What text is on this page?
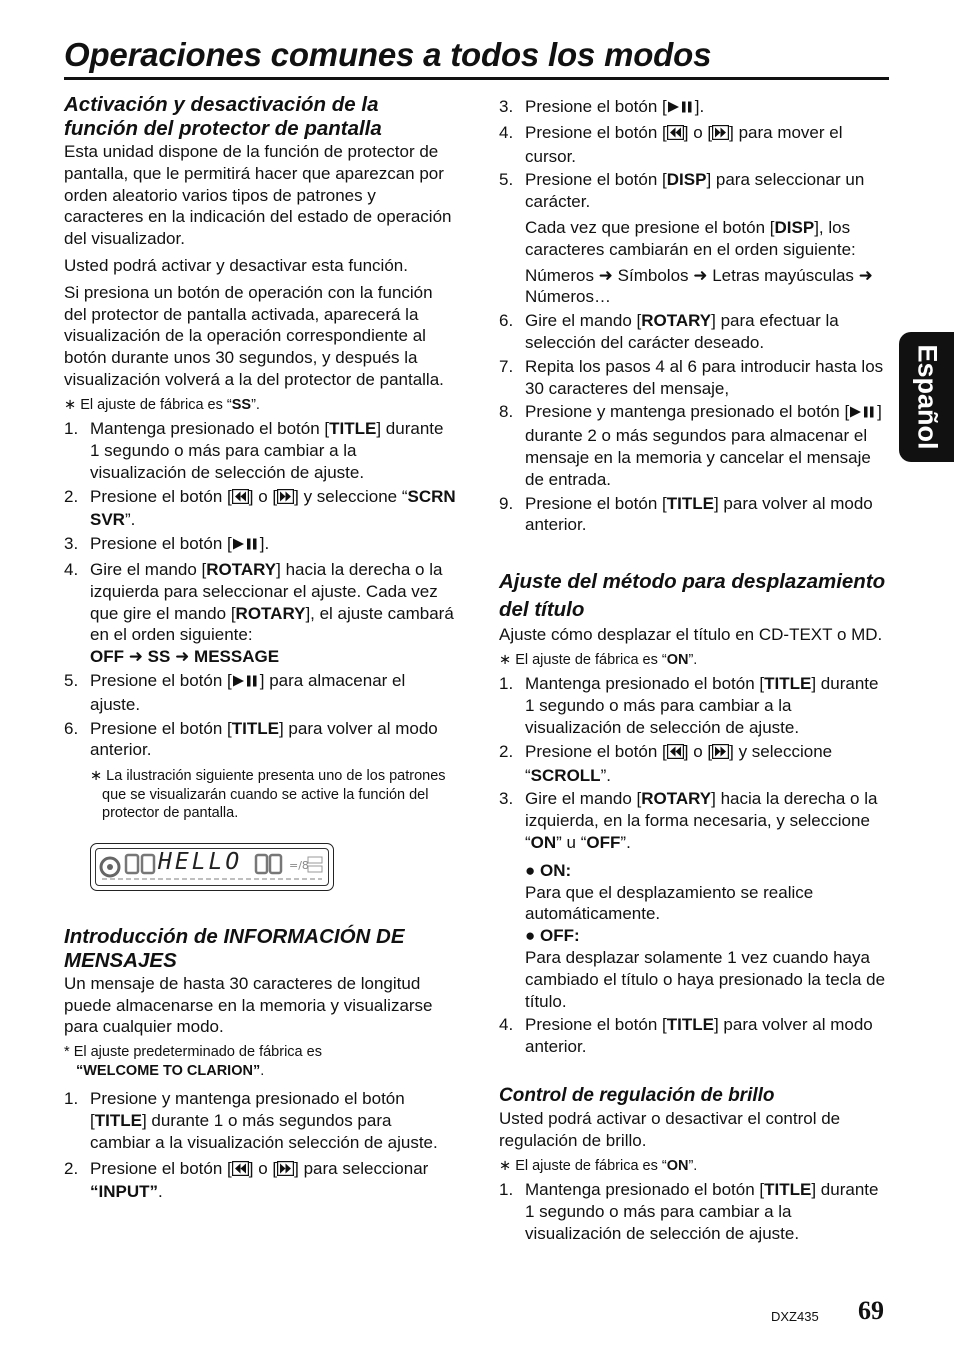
Operaciones comunes a todos los modos
Activación y desactivación de la función del protector de pantalla

Esta unidad dispone de la función de protector de pantalla, que le permitirá hacer que aparezcan por orden aleatorio varios tipos de patrones y caracteres en la indicación del estado de operación del visualizador.

Usted podrá activar y desactivar esta función.

Si presiona un botón de operación con la función del protector de pantalla activada, aparecerá la visualización de la operación correspondiente al botón durante unos 30 segundos, y después la visualización volverá a la del protector de pantalla.

∗ El ajuste de fábrica es “SS”.
1. Mantenga presionado el botón [TITLE] durante 1 segundo o más para cambiar a la visualización de selección de ajuste.
2. Presione el botón [ ] o [ ] y seleccione “SCRN SVR”.
3. Presione el botón [ ].
4. Gire el mando [ROTARY] hacia la derecha o la izquierda para seleccionar el ajuste. Cada vez que gire el mando [ROTARY], el ajuste cambará en el orden siguiente:
OFF ➜ SS ➜ MESSAGE
5. Presione el botón [ ] para almacenar el ajuste.
6. Presione el botón [TITLE] para volver al modo anterior.
∗ La ilustración siguiente presenta uno de los patrones que se visualizarán cuando se active la función del protector de pantalla.
=/8
HELLO
Introducción de INFORMACIÓN DE MENSAJES

Un mensaje de hasta 30 caracteres de longitud puede almacenarse en la memoria y visualizarse para cualquier modo.

* El ajuste predeterminado de fábrica es
“WELCOME TO CLARION”.
1. Presione y mantenga presionado el botón [TITLE] durante 1 o más segundos para cambiar a la visualización selección de ajuste.
2. Presione el botón [ ] o [ ] para seleccionar “INPUT”.
3. Presione el botón [ ].
4. Presione el botón [ ] o [ ] para mover el cursor.
5. Presione el botón [DISP] para seleccionar un carácter.
Cada vez que presione el botón [DISP], los caracteres cambiarán en el orden siguiente:
Números ➜ Símbolos ➜ Letras mayúsculas ➜ Números…
6. Gire el mando [ROTARY] para efectuar la selección del carácter deseado.
7. Repita los pasos 4 al 6 para introducir hasta los 30 caracteres del mensaje,
8. Presione y mantenga presionado el botón [ ] durante 2 o más segundos para almacenar el mensaje en la memoria y cancelar el mensaje de entrada.
9. Presione el botón [TITLE] para volver al modo anterior.
Ajuste del método para desplazamiento del título

Ajuste cómo desplazar el título en CD-TEXT o MD.

∗ El ajuste de fábrica es “ON”.
1. Mantenga presionado el botón [TITLE] durante 1 segundo o más para cambiar a la visualización de selección de ajuste.
2. Presione el botón [ ] o [ ] y seleccione “SCROLL”.
3. Gire el mando [ROTARY] hacia la derecha o la izquierda, en la forma necesaria, y seleccione “ON” u “OFF”.
● ON:
Para que el desplazamiento se realice automáticamente.
● OFF:
Para desplazar solamente 1 vez cuando haya cambiado el título o haya presionado la tecla de título.
4. Presione el botón [TITLE] para volver al modo anterior.
Control de regulación de brillo

Usted podrá activar o desactivar el control de regulación de brillo.

∗ El ajuste de fábrica es “ON”.
1. Mantenga presionado el botón [TITLE] durante 1 segundo o más para cambiar a la visualización de selección de ajuste.
Español
DXZ435 69
